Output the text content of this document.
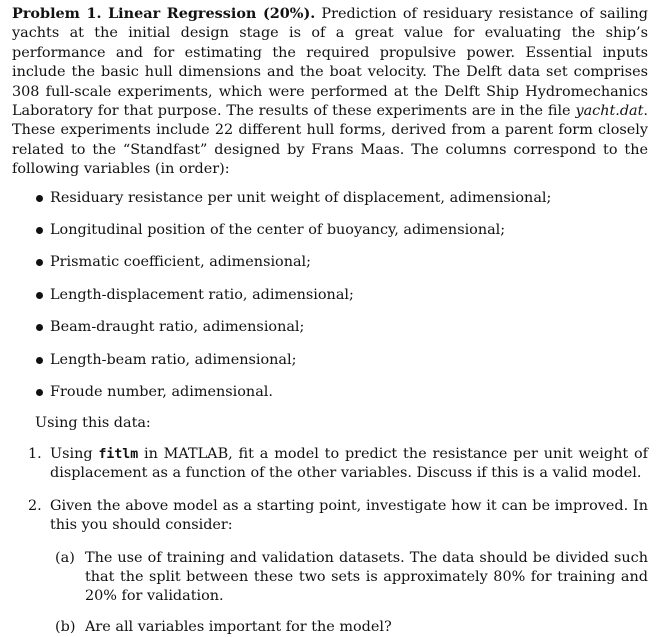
Problem 1. Linear Regression (20%). Prediction of residuary resistance of sailing yachts at the initial design stage is of a great value for evaluating the ship’s performance and for estimating the required propulsive power. Essential inputs include the basic hull dimensions and the boat velocity. The Delft data set comprises 308 full-scale experiments, which were performed at the Delft Ship Hydromechanics Laboratory for that purpose. The results of these experiments are in the file yacht.dat. These experiments include 22 different hull forms, derived from a parent form closely related to the “Standfast” designed by Frans Maas. The columns correspond to the following variables (in order):

Residuary resistance per unit weight of displacement, adimensional;
Longitudinal position of the center of buoyancy, adimensional;
Prismatic coefficient, adimensional;
Length-displacement ratio, adimensional;
Beam-draught ratio, adimensional;
Length-beam ratio, adimensional;
Froude number, adimensional.

Using this data:

1. Using fitlm in MATLAB, fit a model to predict the resistance per unit weight of displacement as a function of the other variables. Discuss if this is a valid model.
2. Given the above model as a starting point, investigate how it can be improved. In this you should consider:
(a) The use of training and validation datasets. The data should be divided such that the split between these two sets is approximately 80% for training and 20% for validation.
(b) Are all variables important for the model?
